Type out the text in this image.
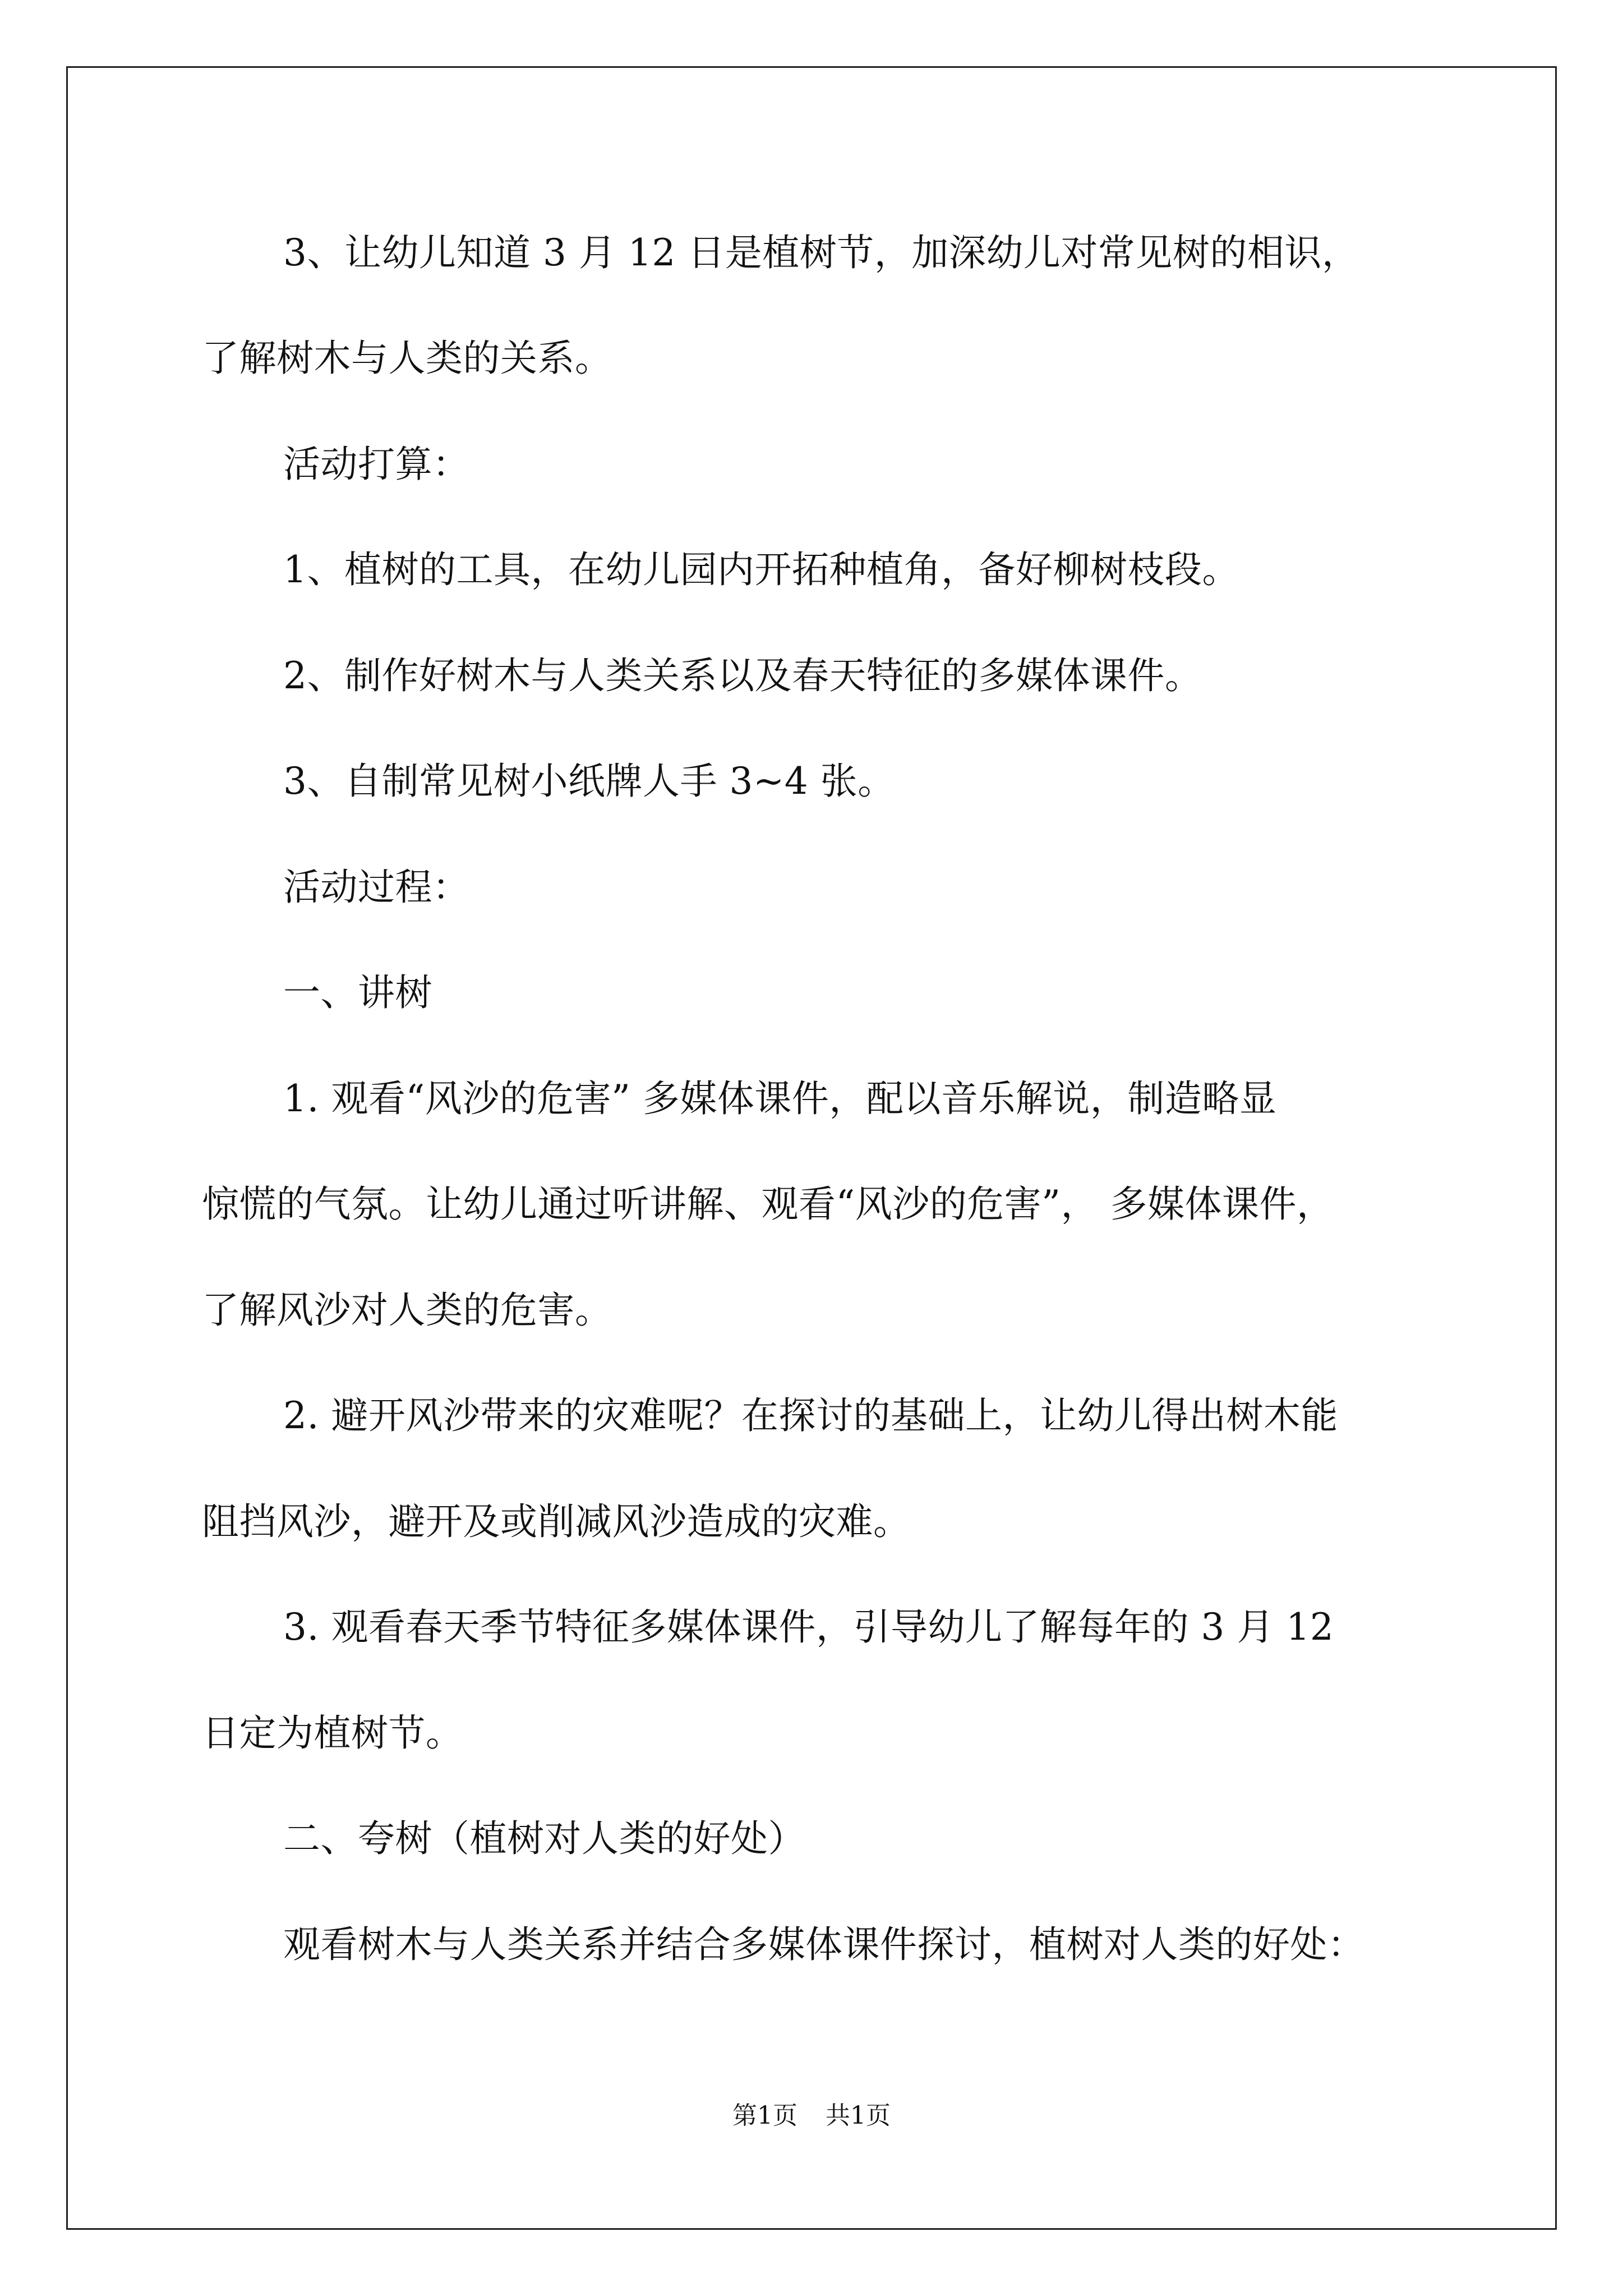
3、让幼儿知道 3 月 12 日是植树节，加深幼儿对常见树的相识，
了解树木与人类的关系。
活动打算：
1、植树的工具，在幼儿园内开拓种植角，备好柳树枝段。
2、制作好树木与人类关系以及春天特征的多媒体课件。
3、自制常见树小纸牌人手 3~4 张。
活动过程：
一、讲树
1. 观看“风沙的危害” 多媒体课件，配以音乐解说，制造略显
惊慌的气氛。让幼儿通过听讲解、观看“风沙的危害”， 多媒体课件，
了解风沙对人类的危害。
2. 避开风沙带来的灾难呢？在探讨的基础上，让幼儿得出树木能
阻挡风沙，避开及或削减风沙造成的灾难。
3. 观看春天季节特征多媒体课件，引导幼儿了解每年的 3 月 12
日定为植树节。
二、夸树（植树对人类的好处）
观看树木与人类关系并结合多媒体课件探讨，植树对人类的好处：
第1页 共1页
